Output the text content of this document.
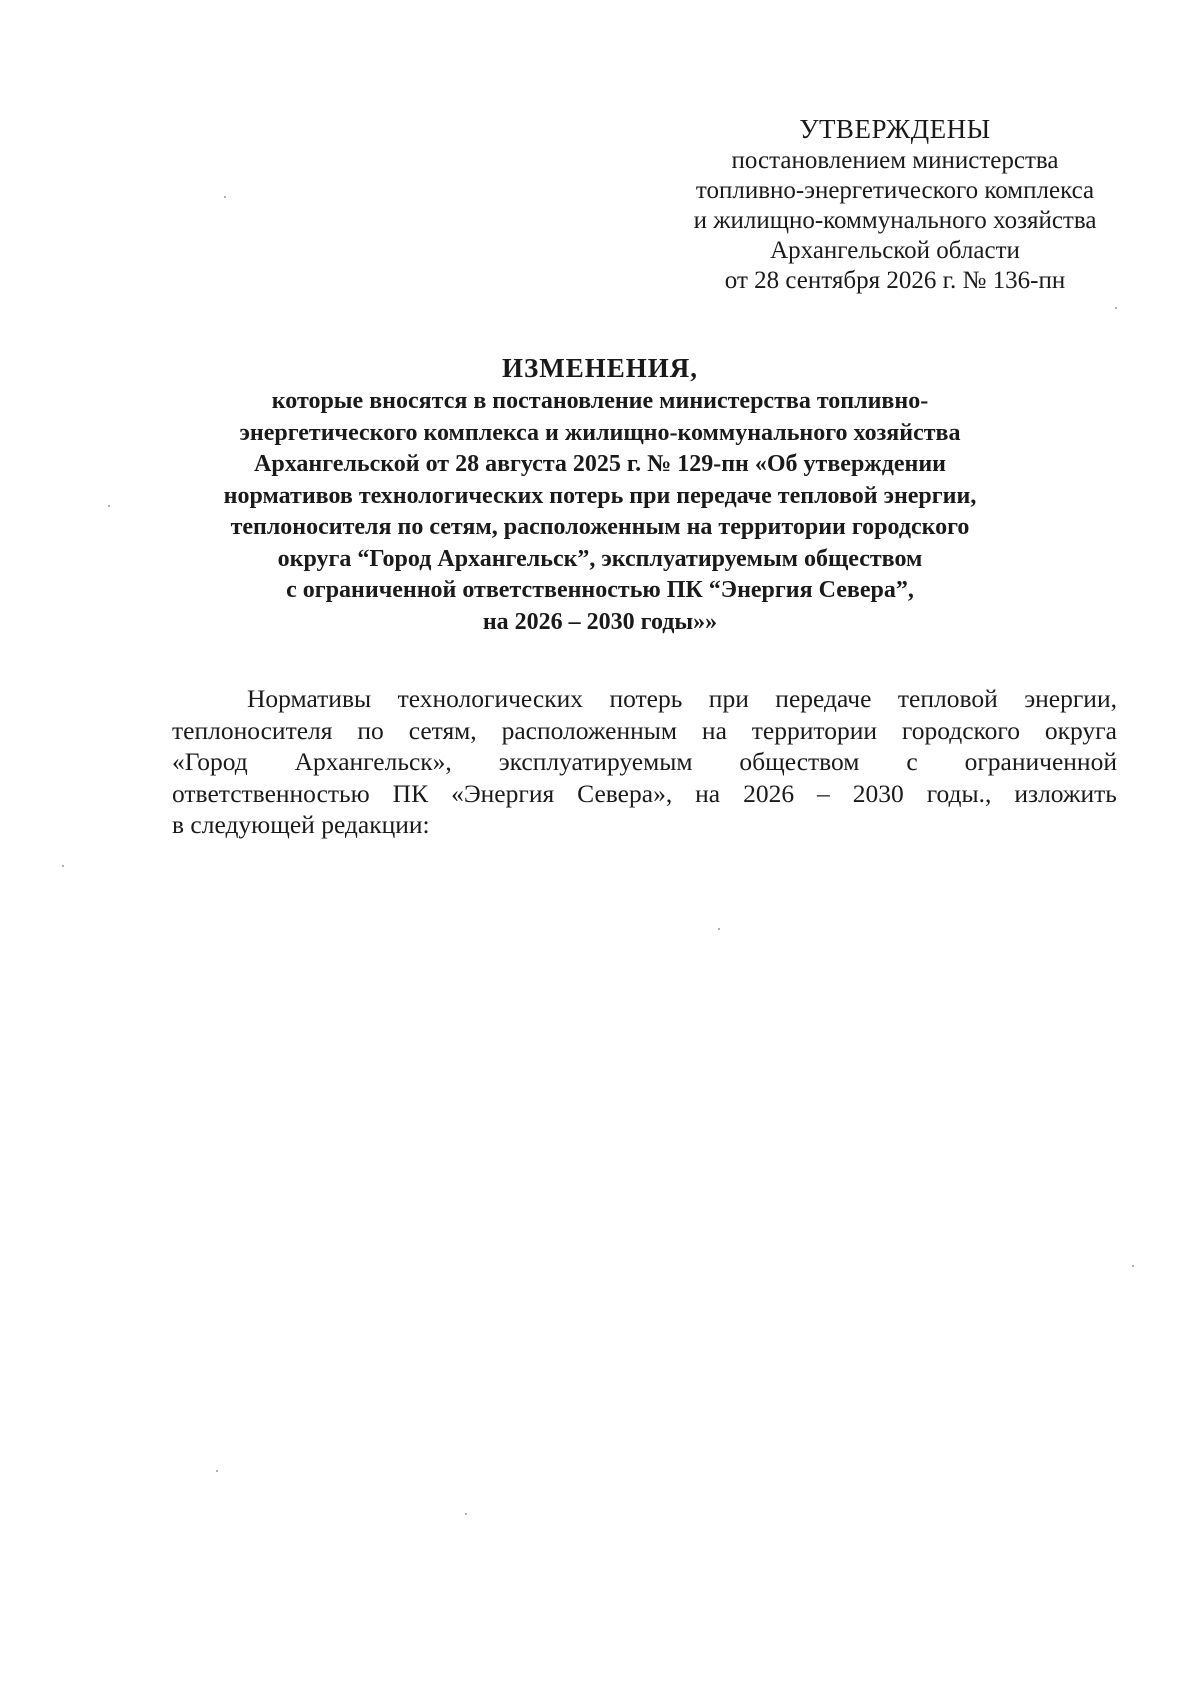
УТВЕРЖДЕНЫ
постановлением министерства
топливно-энергетического комплекса
и жилищно-коммунального хозяйства
Архангельской области
от 28 сентября 2026 г. № 136-пн
ИЗМЕНЕНИЯ,
которые вносятся в постановление министерства топливно-
энергетического комплекса и жилищно-коммунального хозяйства
Архангельской от 28 августа 2025 г. № 129-пн «Об утверждении
нормативов технологических потерь при передаче тепловой энергии,
теплоносителя по сетям, расположенным на территории городского
округа “Город Архангельск”, эксплуатируемым обществом
с ограниченной ответственностью ПК “Энергия Севера”,
на 2026 – 2030 годы»»
Нормативы технологических потерь при передаче тепловой энергии,
теплоносителя по сетям, расположенным на территории городского округа
«Город Архангельск», эксплуатируемым обществом с ограниченной
ответственностью ПК «Энергия Севера», на 2026 – 2030 годы., изложить
в следующей редакции:
